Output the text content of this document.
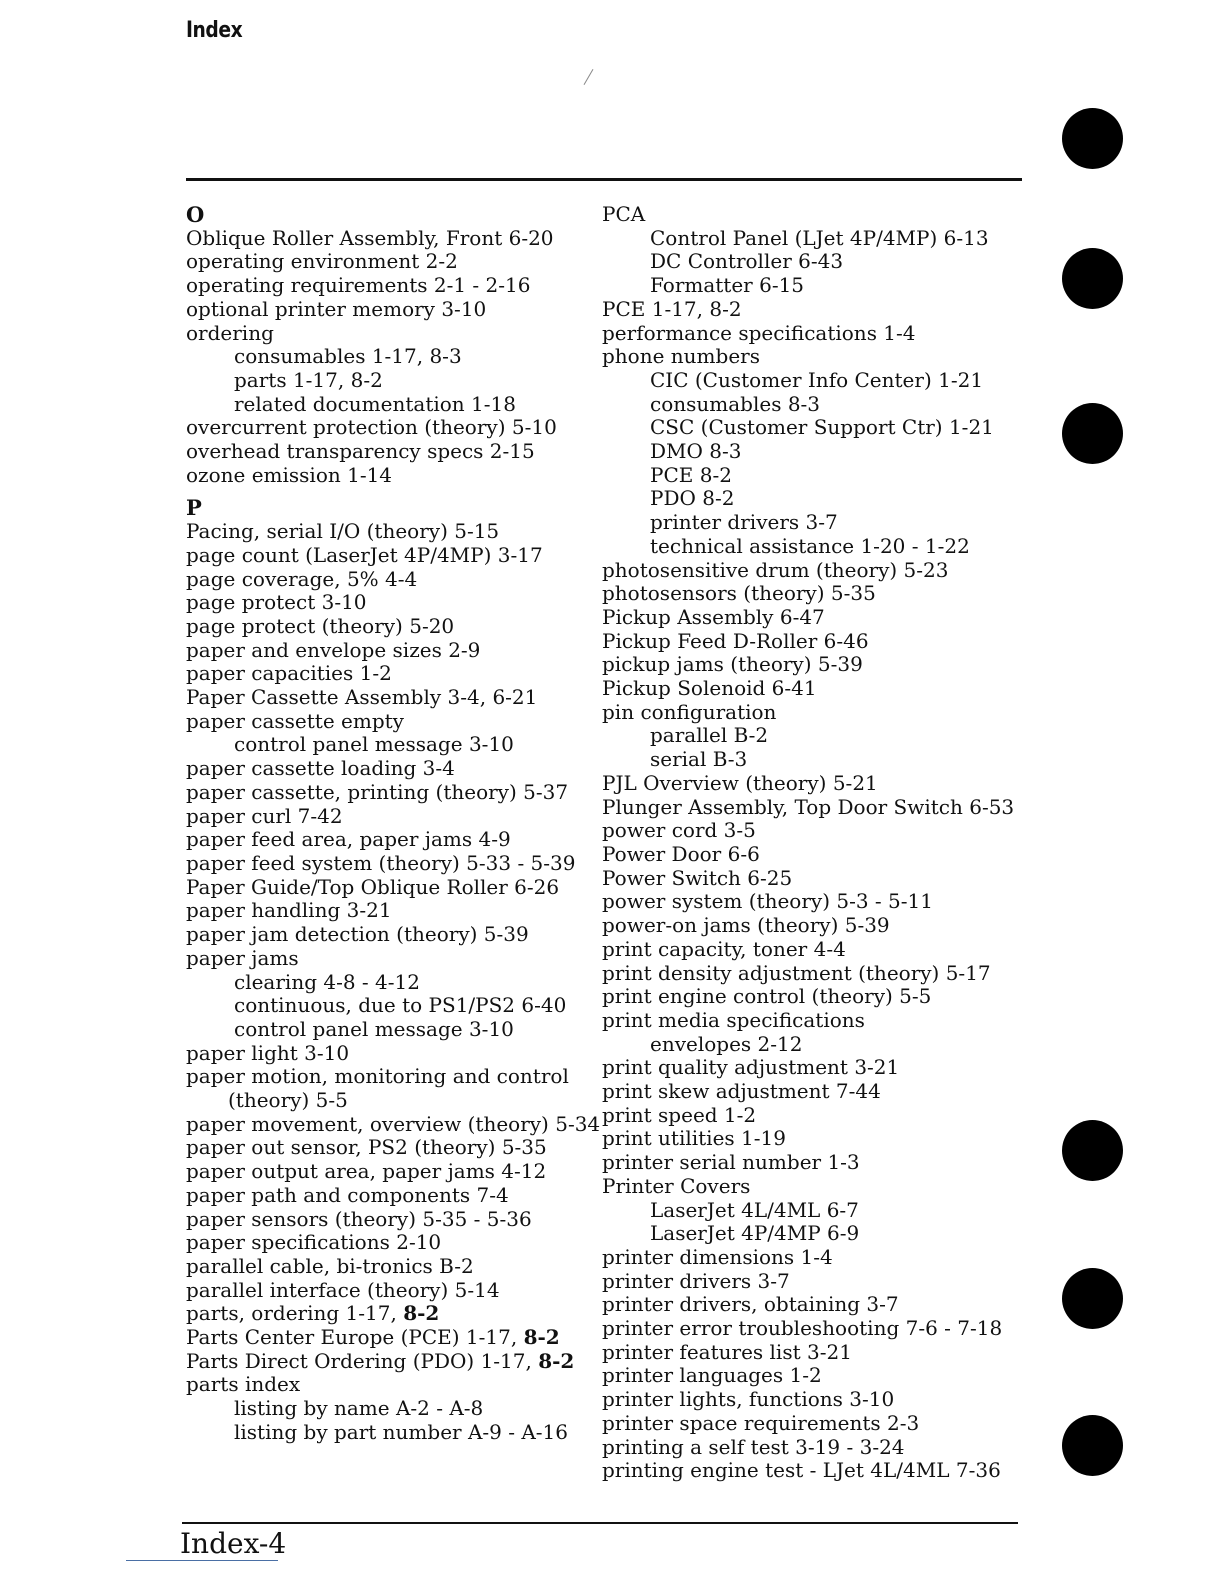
Index
O
Oblique Roller Assembly, Front 6-20
operating environment 2-2
operating requirements 2-1 - 2-16
optional printer memory 3-10
ordering
consumables 1-17, 8-3
parts 1-17, 8-2
related documentation 1-18
overcurrent protection (theory) 5-10
overhead transparency specs 2-15
ozone emission 1-14
P
Pacing, serial I/O (theory) 5-15
page count (LaserJet 4P/4MP) 3-17
page coverage, 5% 4-4
page protect 3-10
page protect (theory) 5-20
paper and envelope sizes 2-9
paper capacities 1-2
Paper Cassette Assembly 3-4, 6-21
paper cassette empty
control panel message 3-10
paper cassette loading 3-4
paper cassette, printing (theory) 5-37
paper curl 7-42
paper feed area, paper jams 4-9
paper feed system (theory) 5-33 - 5-39
Paper Guide/Top Oblique Roller 6-26
paper handling 3-21
paper jam detection (theory) 5-39
paper jams
clearing 4-8 - 4-12
continuous, due to PS1/PS2 6-40
control panel message 3-10
paper light 3-10
paper motion, monitoring and control
(theory) 5-5
paper movement, overview (theory) 5-34
paper out sensor, PS2 (theory) 5-35
paper output area, paper jams 4-12
paper path and components 7-4
paper sensors (theory) 5-35 - 5-36
paper specifications 2-10
parallel cable, bi-tronics B-2
parallel interface (theory) 5-14
parts, ordering 1-17, 8-2
Parts Center Europe (PCE) 1-17, 8-2
Parts Direct Ordering (PDO) 1-17, 8-2
parts index
listing by name A-2 - A-8
listing by part number A-9 - A-16
PCA
Control Panel (LJet 4P/4MP) 6-13
DC Controller 6-43
Formatter 6-15
PCE 1-17, 8-2
performance specifications 1-4
phone numbers
CIC (Customer Info Center) 1-21
consumables 8-3
CSC (Customer Support Ctr) 1-21
DMO 8-3
PCE 8-2
PDO 8-2
printer drivers 3-7
technical assistance 1-20 - 1-22
photosensitive drum (theory) 5-23
photosensors (theory) 5-35
Pickup Assembly 6-47
Pickup Feed D-Roller 6-46
pickup jams (theory) 5-39
Pickup Solenoid 6-41
pin configuration
parallel B-2
serial B-3
PJL Overview (theory) 5-21
Plunger Assembly, Top Door Switch 6-53
power cord 3-5
Power Door 6-6
Power Switch 6-25
power system (theory) 5-3 - 5-11
power-on jams (theory) 5-39
print capacity, toner 4-4
print density adjustment (theory) 5-17
print engine control (theory) 5-5
print media specifications
envelopes 2-12
print quality adjustment 3-21
print skew adjustment 7-44
print speed 1-2
print utilities 1-19
printer serial number 1-3
Printer Covers
LaserJet 4L/4ML 6-7
LaserJet 4P/4MP 6-9
printer dimensions 1-4
printer drivers 3-7
printer drivers, obtaining 3-7
printer error troubleshooting 7-6 - 7-18
printer features list 3-21
printer languages 1-2
printer lights, functions 3-10
printer space requirements 2-3
printing a self test 3-19 - 3-24
printing engine test - LJet 4L/4ML 7-36
Index-4
